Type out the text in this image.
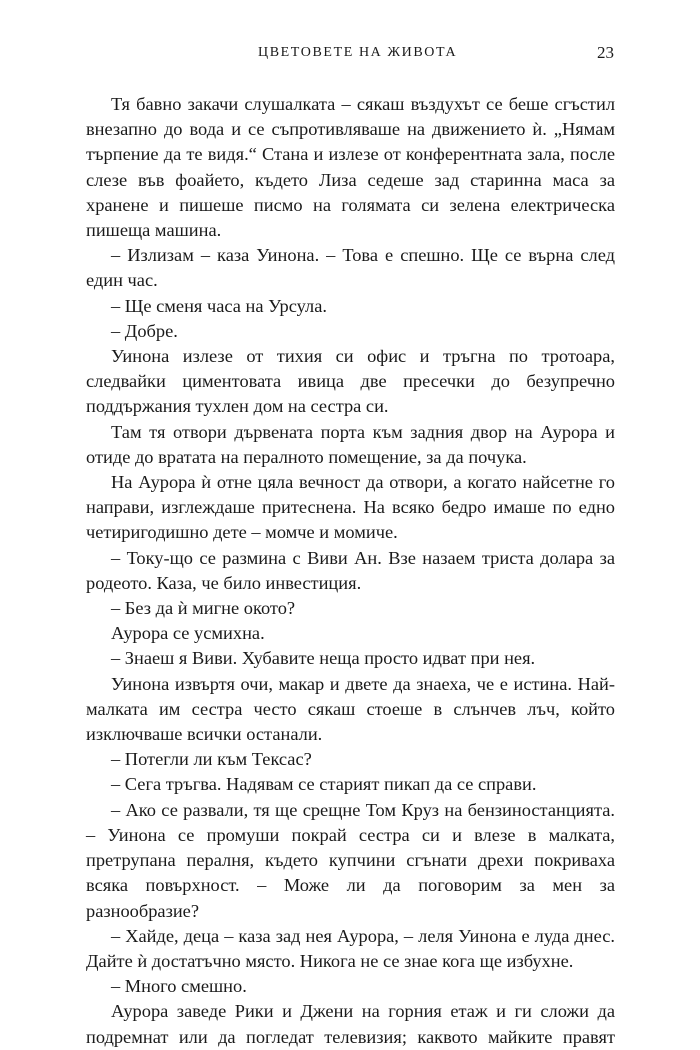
ЦВЕТОВЕТЕ НА ЖИВОТА	23

Тя бавно закачи слушалката – сякаш въздухът се беше сгъстил внезапно до вода и се съпротивляваше на движението ѝ. „Нямам търпение да те видя.“ Стана и излезе от конферентната зала, после слезе във фоайето, където Лиза седеше зад старинна маса за хранене и пишеше писмо на голямата си зелена електрическа пишеща машина.

– Излизам – каза Уинона. – Това е спешно. Ще се върна след един час.

– Ще сменя часа на Урсула.

– Добре.

Уинона излезе от тихия си офис и тръгна по тротоара, следвайки циментовата ивица две пресечки до безупречно поддържания тухлен дом на сестра си.

Там тя отвори дървената порта към задния двор на Аурора и отиде до вратата на пералното помещение, за да почука.

На Аурора ѝ отне цяла вечност да отвори, а когато найсетне го направи, изглеждаше притеснена. На всяко бедро имаше по едно четиригодишно дете – момче и момиче.

– Току-що се размина с Виви Ан. Взе назаем триста долара за родеото. Каза, че било инвестиция.

– Без да ѝ мигне окото?

Аурора се усмихна.

– Знаеш я Виви. Хубавите неща просто идват при нея.

Уинона извъртя очи, макар и двете да знаеха, че е истина. Най-малката им сестра често сякаш стоеше в слънчев лъч, който изключваше всички останали.

– Потегли ли към Тексас?

– Сега тръгва. Надявам се старият пикап да се справи.

– Ако се развали, тя ще срещне Том Круз на бензиностанцията. – Уинона се промуши покрай сестра си и влезе в малката, претрупана пералня, където купчини сгънати дрехи покриваха всяка повърхност. – Може ли да поговорим за мен за разнообразие?

– Хайде, деца – каза зад нея Аурора, – леля Уинона е луда днес. Дайте ѝ достатъчно място. Никога не се знае кога ще избухне.

– Много смешно.

Аурора заведе Рики и Джени на горния етаж и ги сложи да подремнат или да погледат телевизия; каквото майките правят
